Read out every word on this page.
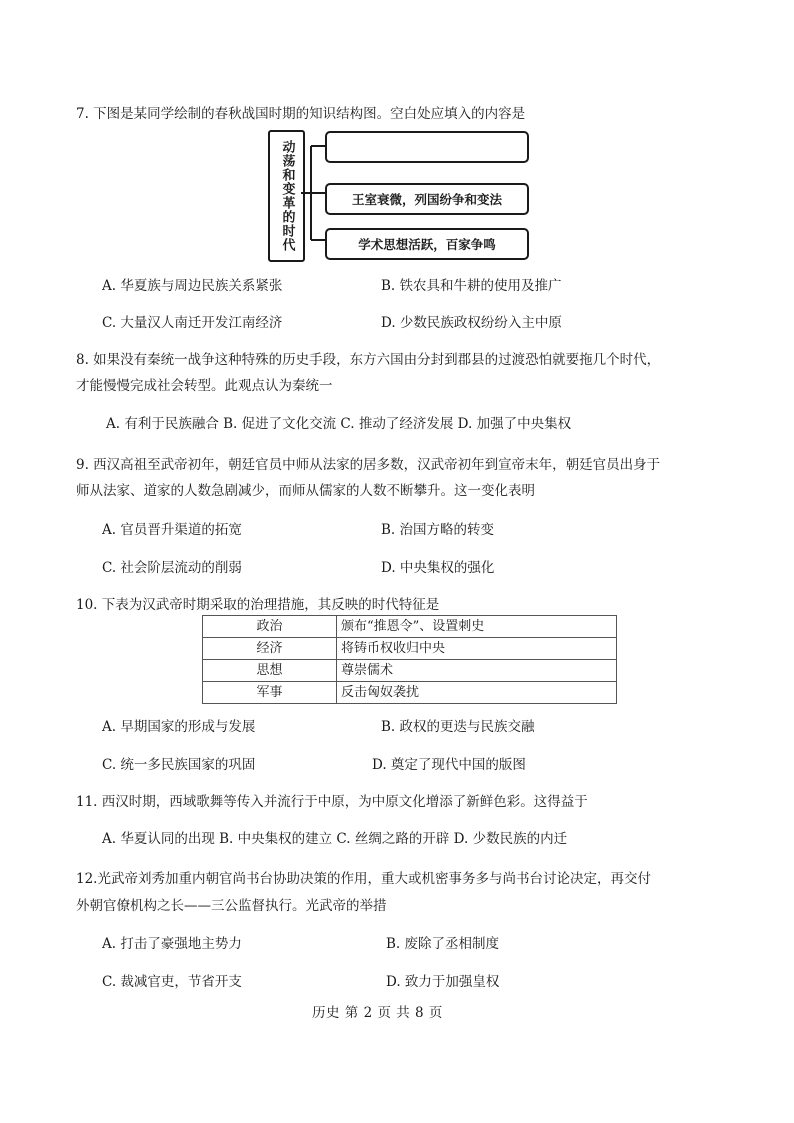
7. 下图是某同学绘制的春秋战国时期的知识结构图。空白处应填入的内容是
动荡和变革的时代	王室衰微，列国纷争和变法
学术思想活跃，百家争鸣
A. 华夏族与周边民族关系紧张	B. 铁农具和牛耕的使用及推广
C. 大量汉人南迁开发江南经济	D. 少数民族政权纷纷入主中原
8. 如果没有秦统一战争这种特殊的历史手段，东方六国由分封到郡县的过渡恐怕就要拖几个时代，
才能慢慢完成社会转型。此观点认为秦统一
A. 有利于民族融合 B. 促进了文化交流 C. 推动了经济发展 D. 加强了中央集权
9. 西汉高祖至武帝初年，朝廷官员中师从法家的居多数，汉武帝初年到宣帝末年，朝廷官员出身于
师从法家、道家的人数急剧减少，而师从儒家的人数不断攀升。这一变化表明
A. 官员晋升渠道的拓宽	B. 治国方略的转变
C. 社会阶层流动的削弱	D. 中央集权的强化
10. 下表为汉武帝时期采取的治理措施，其反映的时代特征是
政治	颁布“推恩令”、设置刺史
经济	将铸币权收归中央
思想	尊崇儒术
军事	反击匈奴袭扰
A. 早期国家的形成与发展	B. 政权的更迭与民族交融
C. 统一多民族国家的巩固	D. 奠定了现代中国的版图
11. 西汉时期，西域歌舞等传入并流行于中原，为中原文化增添了新鲜色彩。这得益于
A. 华夏认同的出现 B. 中央集权的建立 C. 丝绸之路的开辟 D. 少数民族的内迁
12.光武帝刘秀加重内朝官尚书台协助决策的作用，重大或机密事务多与尚书台讨论决定，再交付
外朝官僚机构之长——三公监督执行。光武帝的举措
A. 打击了豪强地主势力	B. 废除了丞相制度
C. 裁减官吏，节省开支	D. 致力于加强皇权
历史 第 2 页 共 8 页
